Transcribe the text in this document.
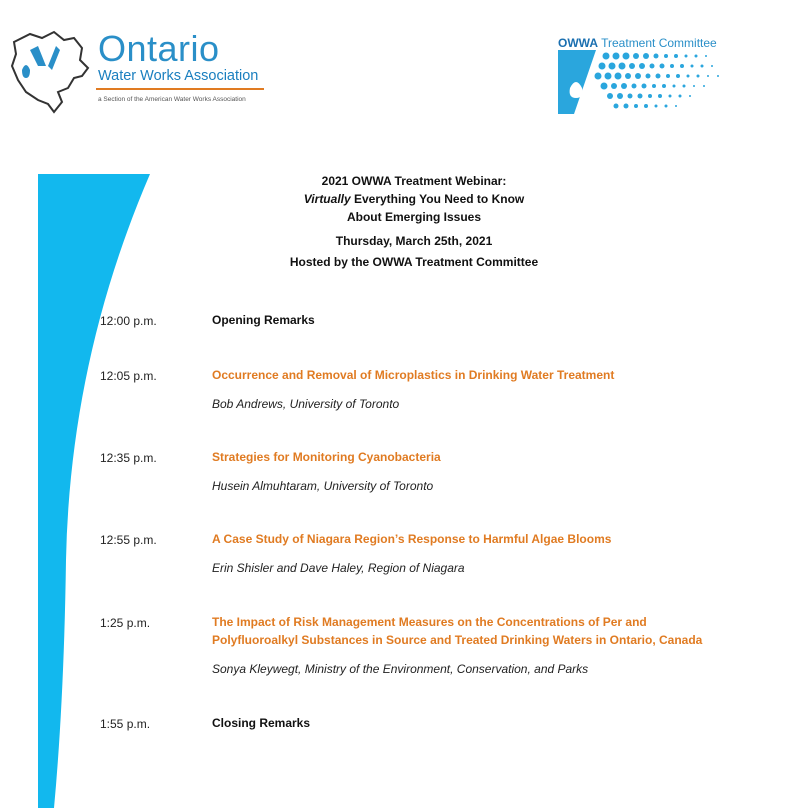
Ontario
Water Works Association
a Section of the American Water Works Association
OWWA Treatment Committee
2021 OWWA Treatment Webinar:
Virtually Everything You Need to Know
About Emerging Issues
Thursday, March 25th, 2021
Hosted by the OWWA Treatment Committee
12:00 p.m.	Opening Remarks
12:05 p.m.	Occurrence and Removal of Microplastics in Drinking Water Treatment
Bob Andrews, University of Toronto
12:35 p.m.	Strategies for Monitoring Cyanobacteria
Husein Almuhtaram, University of Toronto
12:55 p.m.	A Case Study of Niagara Region’s Response to Harmful Algae Blooms
Erin Shisler and Dave Haley, Region of Niagara
1:25 p.m.	The Impact of Risk Management Measures on the Concentrations of Per and
Polyfluoroalkyl Substances in Source and Treated Drinking Waters in Ontario, Canada
Sonya Kleywegt, Ministry of the Environment, Conservation, and Parks
1:55 p.m.	Closing Remarks
